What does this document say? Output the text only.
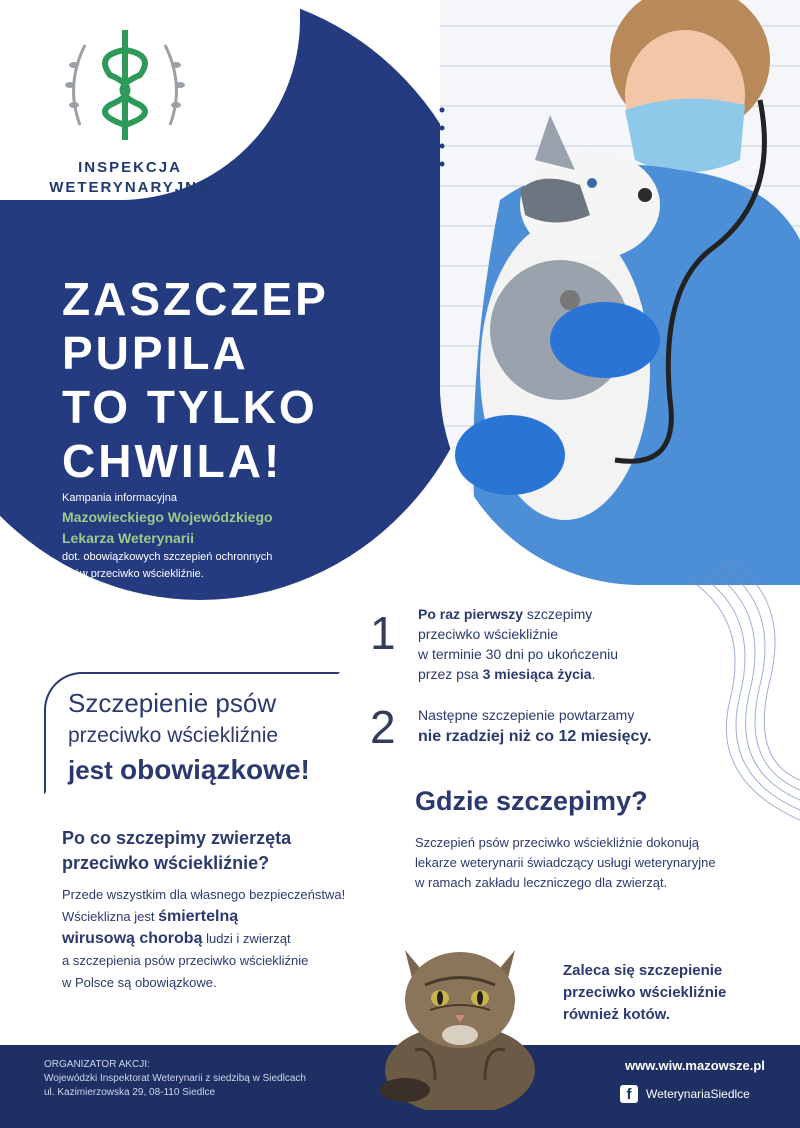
INSPEKCJA
WETERYNARYJNA
ZASZCZEP
PUPILA
TO TYLKO
CHWILA!
Kampania informacyjna
Mazowieckiego Wojewódzkiego
Lekarza Weterynarii
dot. obowiązkowych szczepień ochronnych
psów przeciwko wściekliźnie.
Szczepienie psów
przeciwko wściekliźnie
jest obowiązkowe!
1 Po raz pierwszy szczepimy
przeciwko wściekliźnie
w terminie 30 dni po ukończeniu
przez psa 3 miesiąca życia.
2 Następne szczepienie powtarzamy
nie rzadziej niż co 12 miesięcy.
Gdzie szczepimy?
Szczepień psów przeciwko wściekliźnie dokonują
lekarze weterynarii świadczący usługi weterynaryjne
w ramach zakładu leczniczego dla zwierząt.
Po co szczepimy zwierzęta
przeciwko wściekliźnie?
Przede wszystkim dla własnego bezpieczeństwa!
Wścieklizna jest śmiertelną
wirusową chorobą ludzi i zwierząt
a szczepienia psów przeciwko wściekliźnie
w Polsce są obowiązkowe.
Zaleca się szczepienie
przeciwko wściekliźnie
również kotów.
ORGANIZATOR AKCJI:
Wojewódzki Inspektorat Weterynarii z siedzibą w Siedlcach
ul. Kazimierzowska 29, 08-110 Siedlce
www.wiw.mazowsze.pl
f	WeterynariaSiedlce
